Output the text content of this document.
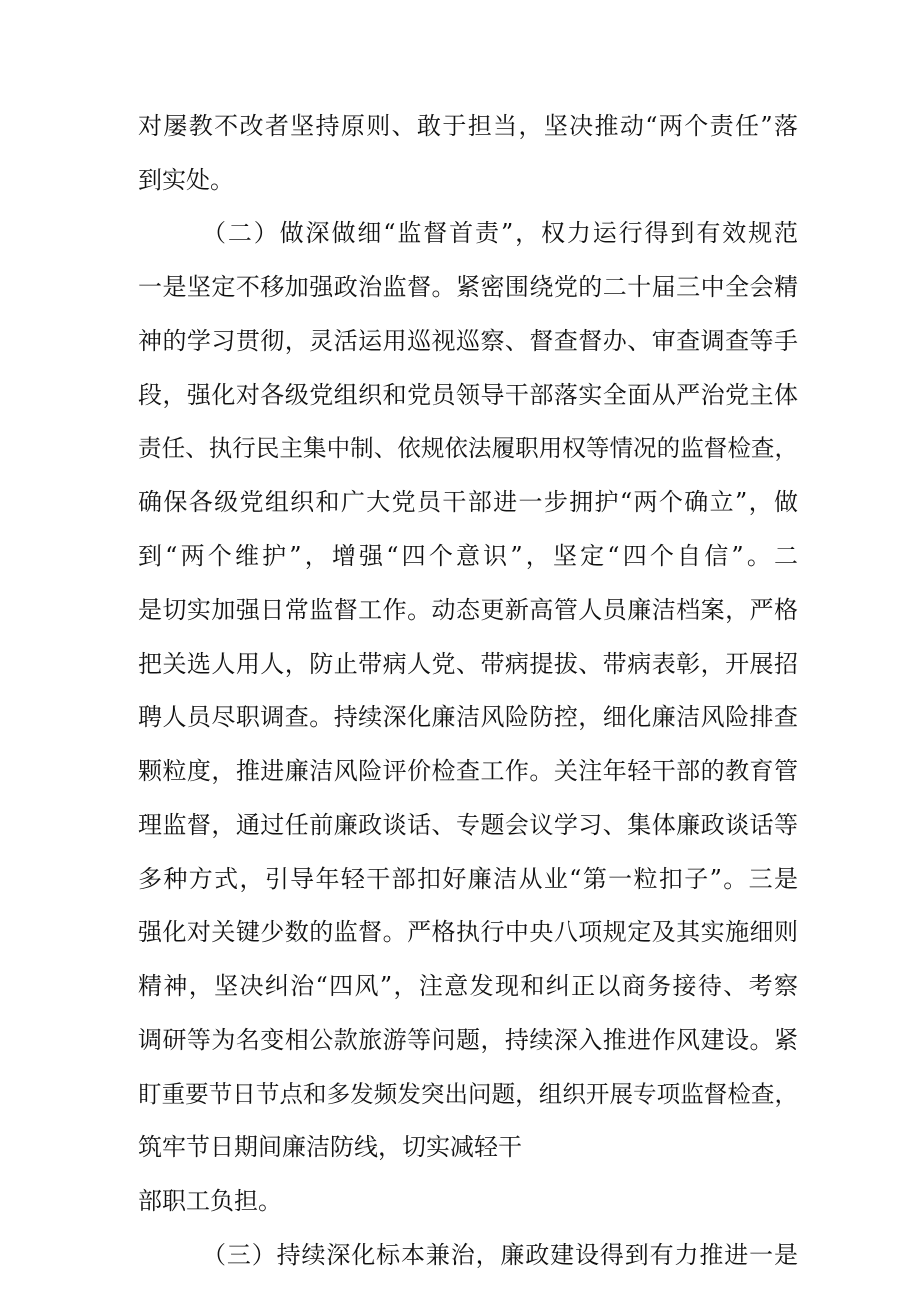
对屡教不改者坚持原则、敢于担当，坚决推动“两个责任”落
到实处。
（二）做深做细“监督首责”，权力运行得到有效规范
一是坚定不移加强政治监督。紧密围绕党的二十届三中全会精
神的学习贯彻，灵活运用巡视巡察、督查督办、审查调查等手
段，强化对各级党组织和党员领导干部落实全面从严治党主体
责任、执行民主集中制、依规依法履职用权等情况的监督检查，
确保各级党组织和广大党员干部进一步拥护“两个确立”，做
到“两个维护”，增强“四个意识”，坚定“四个自信”。二
是切实加强日常监督工作。动态更新高管人员廉洁档案，严格
把关选人用人，防止带病人党、带病提拔、带病表彰，开展招
聘人员尽职调查。持续深化廉洁风险防控，细化廉洁风险排查
颗粒度，推进廉洁风险评价检查工作。关注年轻干部的教育管
理监督，通过任前廉政谈话、专题会议学习、集体廉政谈话等
多种方式，引导年轻干部扣好廉洁从业“第一粒扣子”。三是
强化对关键少数的监督。严格执行中央八项规定及其实施细则
精神，坚决纠治“四风”，注意发现和纠正以商务接待、考察
调研等为名变相公款旅游等问题，持续深入推进作风建设。紧
盯重要节日节点和多发频发突出问题，组织开展专项监督检查，
筑牢节日期间廉洁防线，切实减轻干
部职工负担。
（三）持续深化标本兼治，廉政建设得到有力推进一是
